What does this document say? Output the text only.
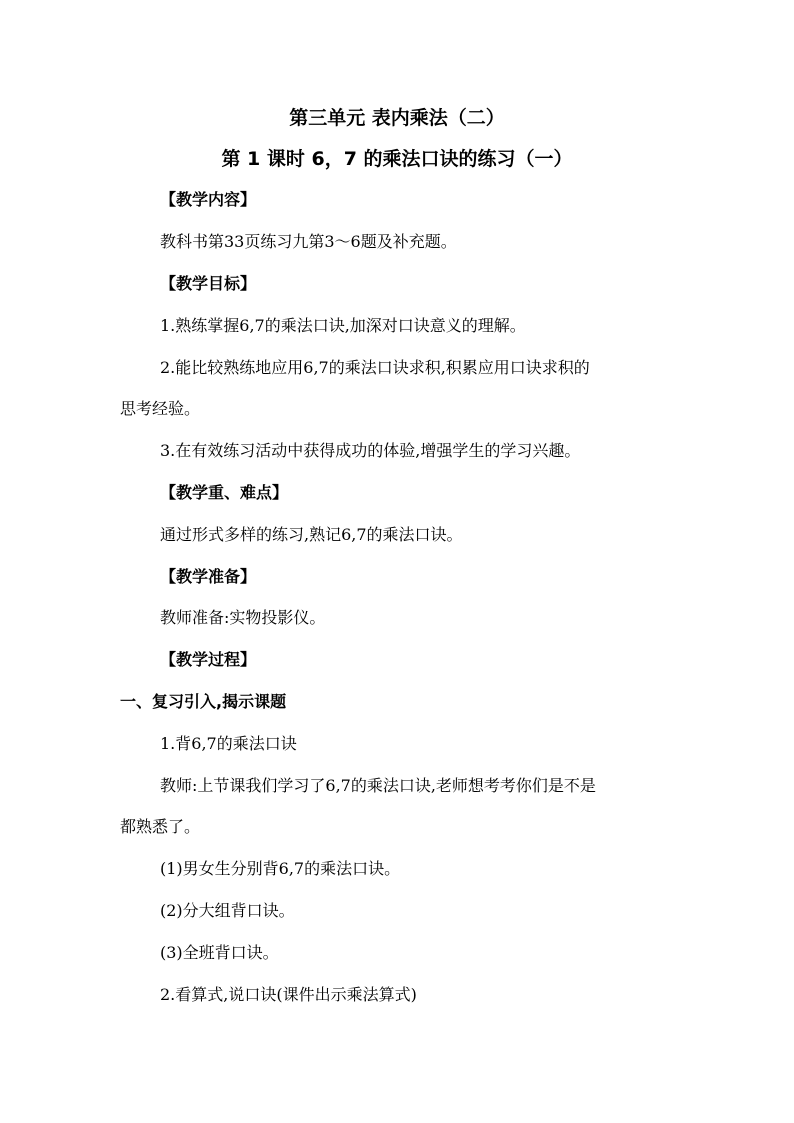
第三单元 表内乘法（二）
第 1 课时 6，7 的乘法口诀的练习（一）

【教学内容】

教科书第33页练习九第3～6题及补充题。

【教学目标】

1.熟练掌握6,7的乘法口诀,加深对口诀意义的理解。

2.能比较熟练地应用6,7的乘法口诀求积,积累应用口诀求积的

思考经验。

3.在有效练习活动中获得成功的体验,增强学生的学习兴趣。

【教学重、难点】

通过形式多样的练习,熟记6,7的乘法口诀。

【教学准备】

教师准备:实物投影仪。

【教学过程】

一、复习引入,揭示课题

1.背6,7的乘法口诀

教师:上节课我们学习了6,7的乘法口诀,老师想考考你们是不是

都熟悉了。

(1)男女生分别背6,7的乘法口诀。

(2)分大组背口诀。

(3)全班背口诀。

2.看算式,说口诀(课件出示乘法算式)
